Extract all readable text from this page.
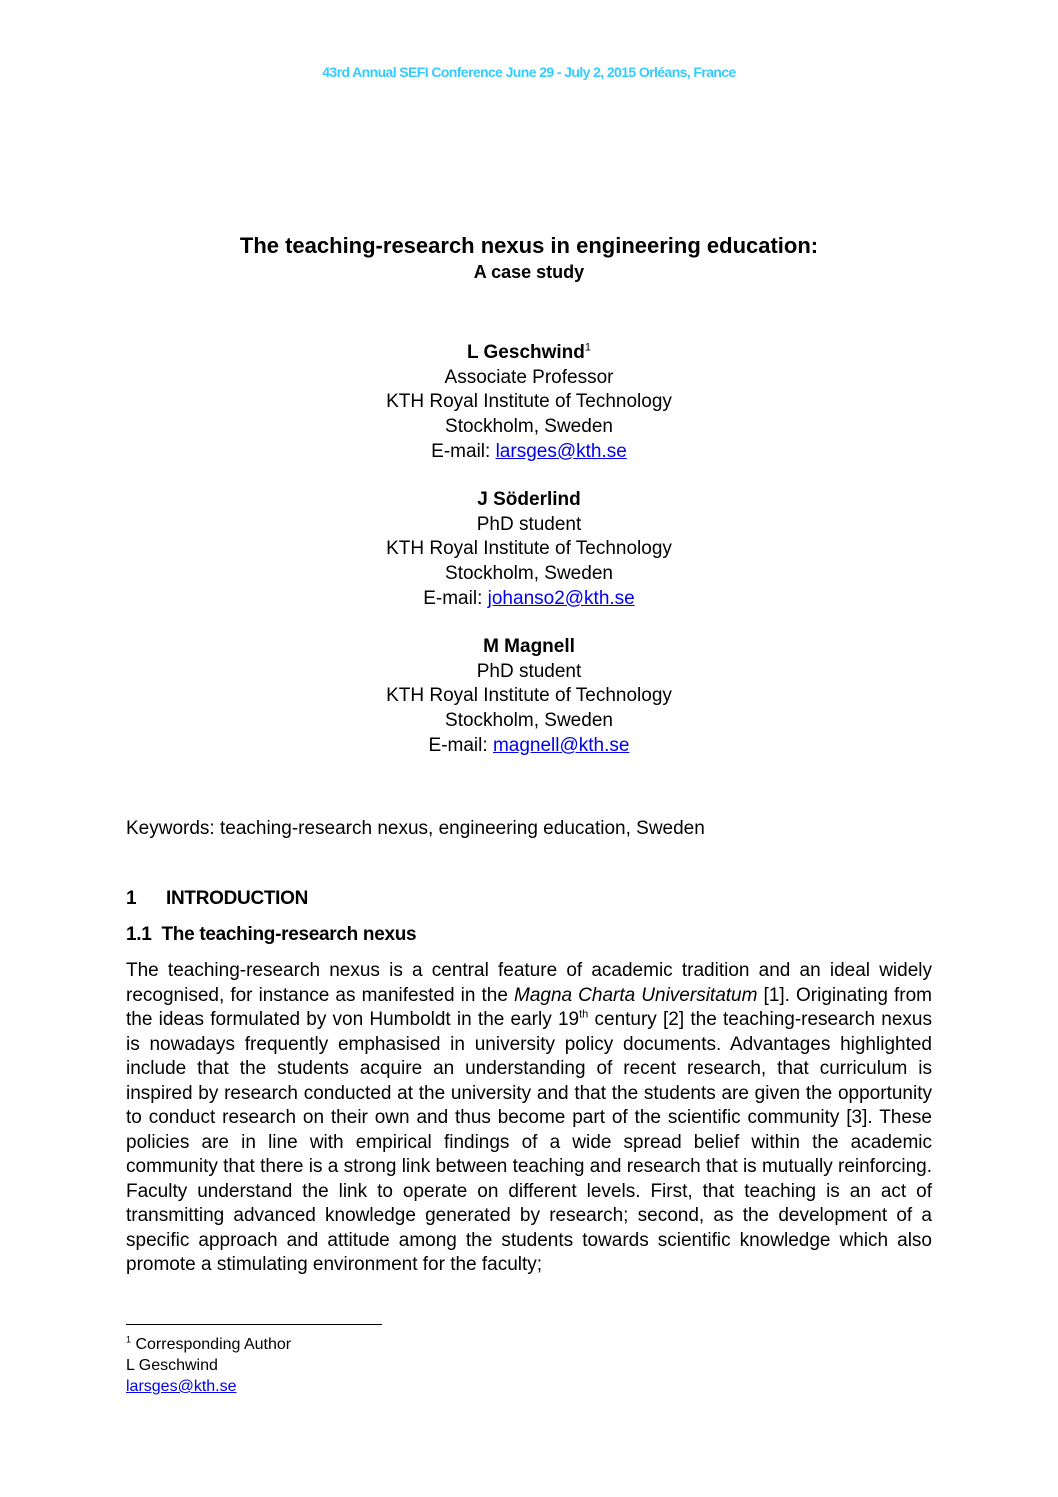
43rd Annual SEFI Conference June 29 - July 2, 2015 Orléans, France
The teaching-research nexus in engineering education:
A case study
L Geschwind$^1$
Associate Professor
KTH Royal Institute of Technology
Stockholm, Sweden
E-mail: larsges@kth.se
J Söderlind
PhD student
KTH Royal Institute of Technology
Stockholm, Sweden
E-mail: johanso2@kth.se
M Magnell
PhD student
KTH Royal Institute of Technology
Stockholm, Sweden
E-mail: magnell@kth.se
Keywords: teaching-research nexus, engineering education, Sweden
1 INTRODUCTION
1.1 The teaching-research nexus
The teaching-research nexus is a central feature of academic tradition and an ideal widely recognised, for instance as manifested in the Magna Charta Universitatum [1]. Originating from the ideas formulated by von Humboldt in the early 19th century [2] the teaching-research nexus is nowadays frequently emphasised in university policy documents. Advantages highlighted include that the students acquire an understanding of recent research, that curriculum is inspired by research conducted at the university and that the students are given the opportunity to conduct research on their own and thus become part of the scientific community [3]. These policies are in line with empirical findings of a wide spread belief within the academic community that there is a strong link between teaching and research that is mutually reinforcing. Faculty understand the link to operate on different levels. First, that teaching is an act of transmitting advanced knowledge generated by research; second, as the development of a specific approach and attitude among the students towards scientific knowledge which also promote a stimulating environment for the faculty;
$^1$ Corresponding Author
L Geschwind
larsges@kth.se
